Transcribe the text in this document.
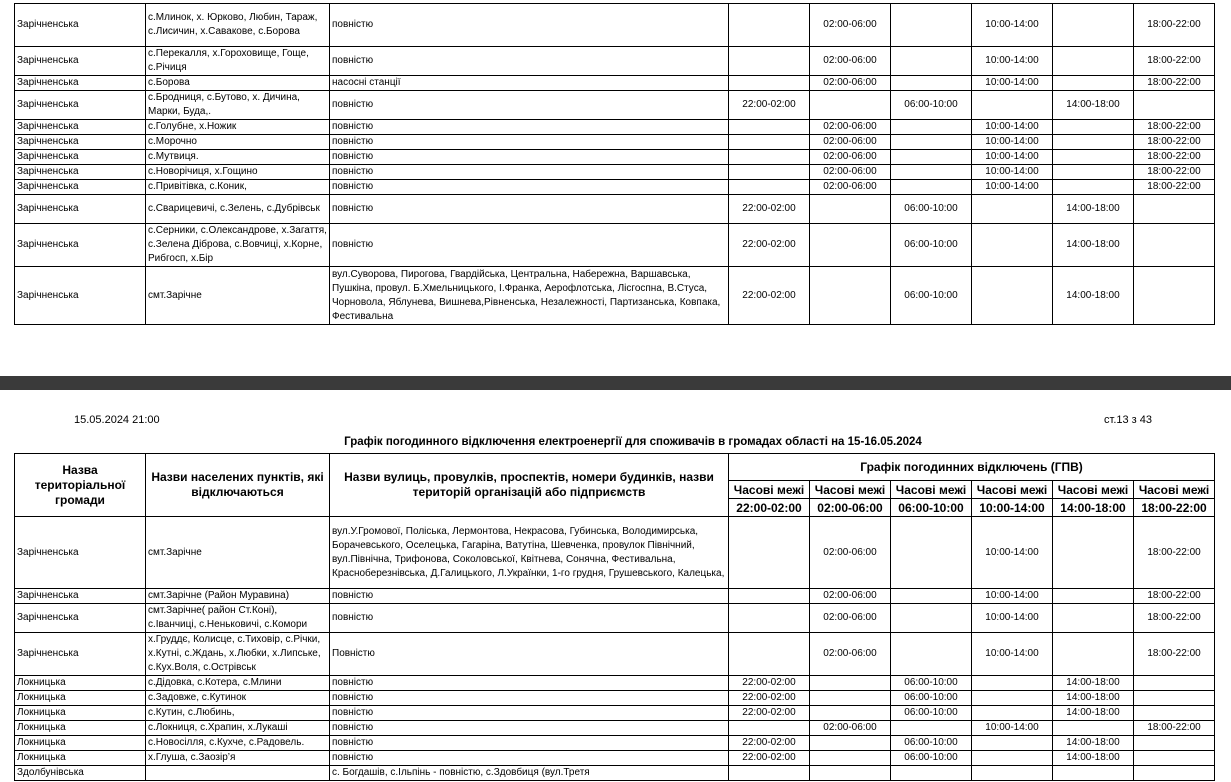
Зарічненська	с.Млинок, х. Юрково, Любин, Тараж, с.Лисичин, х.Савакове, с.Борова	повністю		02:00-06:00		10:00-14:00		18:00-22:00
Зарічненська	с.Перекалля, х.Гороховище, Гоще, с.Річиця	повністю		02:00-06:00		10:00-14:00		18:00-22:00
Зарічненська	с.Борова	насосні станції		02:00-06:00		10:00-14:00		18:00-22:00
Зарічненська	с.Бродниця, с.Бутово, х. Дичина, Марки, Буда,.	повністю	22:00-02:00		06:00-10:00		14:00-18:00	
Зарічненська	с.Голубне, х.Ножик	повністю		02:00-06:00		10:00-14:00		18:00-22:00
Зарічненська	с.Морочно	повністю		02:00-06:00		10:00-14:00		18:00-22:00
Зарічненська	с.Мутвиця.	повністю		02:00-06:00		10:00-14:00		18:00-22:00
Зарічненська	с.Новорічиця, х.Гощино	повністю		02:00-06:00		10:00-14:00		18:00-22:00
Зарічненська	с.Привітівка, с.Коник,	повністю		02:00-06:00		10:00-14:00		18:00-22:00
Зарічненська	с.Сварицевичі, с.Зелень, с.Дубрівськ	повністю	22:00-02:00		06:00-10:00		14:00-18:00	
Зарічненська	с.Серники, с.Олександрове, х.Загаття, с.Зелена Діброва, с.Вовчиці, х.Корне, Рибгосп, х.Бір	повністю	22:00-02:00		06:00-10:00		14:00-18:00	
Зарічненська	смт.Зарічне	вул.Суворова, Пирогова, Гвардійська, Центральна, Набережна, Варшавська, Пушкіна, провул. Б.Хмельницького, І.Франка, Аерофлотська, Лісгоспна, В.Стуса, Чорновола, Яблунева, Вишнева,Рівненська, Незалежності, Партизанська, Ковпака, Фестивальна	22:00-02:00		06:00-10:00		14:00-18:00	
15.05.2024 21:00	ст.13 з 43
Графік погодинного відключення електроенергії для споживачів в громадах області на 15-16.05.2024
Назва територіальної громади	Назви населених пунктів, які відключаються	Назви вулиць, провулків, проспектів, номери будинків, назви територій організацій або підприємств	Графік погодинних відключень (ГПВ)					
			Часові межі	Часові межі	Часові межі	Часові межі	Часові межі	Часові межі
			22:00-02:00	02:00-06:00	06:00-10:00	10:00-14:00	14:00-18:00	18:00-22:00
Зарічненська	смт.Зарічне	вул.У.Громової, Поліська, Лермонтова, Некрасова, Губинська, Володимирська, Борачевського, Оселецька, Гагаріна, Ватутіна, Шевченка, провулок Північний, вул.Північна, Трифонова, Соколовської, Квітнева, Сонячна, Фестивальна, Красноберезнівська, Д.Галицького, Л.Українки, 1-го грудня, Грушевського, Калецька,		02:00-06:00		10:00-14:00		18:00-22:00
Зарічненська	смт.Зарічне (Район Муравина)	повністю		02:00-06:00		10:00-14:00		18:00-22:00
Зарічненська	смт.Зарічне( район Ст.Коні), с.Іванчиці, с.Неньковичі, с.Комори	повністю		02:00-06:00		10:00-14:00		18:00-22:00
Зарічненська	х.Груддє, Колисце, с.Тиховір, с.Річки, х.Кутні, с.Ждань, х.Любки, х.Липське, с.Кух.Воля, с.Острівськ	Повністю		02:00-06:00		10:00-14:00		18:00-22:00
Локницька	с.Дідовка, с.Котера, с.Млини	повністю	22:00-02:00		06:00-10:00		14:00-18:00	
Локницька	с.Задовже, с.Кутинок	повністю	22:00-02:00		06:00-10:00		14:00-18:00	
Локницька	с.Кутин, с.Любинь,	повністю	22:00-02:00		06:00-10:00		14:00-18:00	
Локницька	с.Локниця, с.Храпин, х.Лукаші	повністю		02:00-06:00		10:00-14:00		18:00-22:00
Локницька	с.Новосілля, с.Кухче, с.Радовель.	повністю	22:00-02:00		06:00-10:00		14:00-18:00	
Локницька	х.Глуша, с.Заозір’я	повністю	22:00-02:00		06:00-10:00		14:00-18:00	
Здолбунівська		с. Богдашів, с.Ільпінь - повністю, с.Здовбиця (вул.Третя						
